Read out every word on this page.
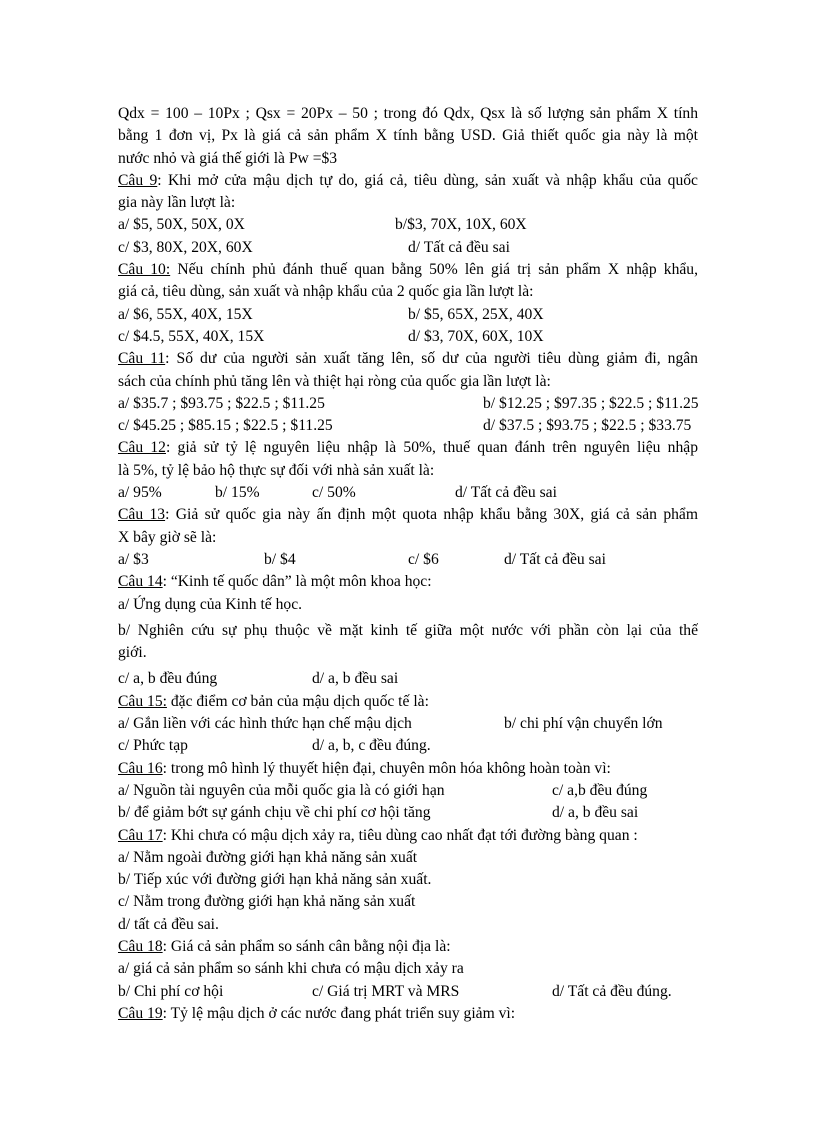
Qdx = 100 – 10Px ; Qsx = 20Px – 50 ; trong đó Qdx, Qsx là số lượng sản phẩm X tính
bằng 1 đơn vị, Px là giá cả sản phẩm X tính bằng USD. Giả thiết quốc gia này là một
nước nhỏ và giá thế giới là Pw =$3
Câu 9: Khi mở cửa mậu dịch tự do, giá cả, tiêu dùng, sản xuất và nhập khẩu của quốc
gia này lần lượt là:
a/ $5, 50X, 50X, 0X	b/$3, 70X, 10X, 60X
c/ $3, 80X, 20X, 60X	d/ Tất cả đều sai
Câu 10: Nếu chính phủ đánh thuế quan bằng 50% lên giá trị sản phẩm X nhập khẩu,
giá cả, tiêu dùng, sản xuất và nhập khẩu của 2 quốc gia lần lượt là:
a/ $6, 55X, 40X, 15X	b/ $5, 65X, 25X, 40X
c/ $4.5, 55X, 40X, 15X	d/ $3, 70X, 60X, 10X
Câu 11: Số dư của người sản xuất tăng lên, số dư của người tiêu dùng giảm đi, ngân
sách của chính phủ tăng lên và thiệt hại ròng của quốc gia lần lượt là:
a/ $35.7 ; $93.75 ; $22.5 ; $11.25	b/ $12.25 ; $97.35 ; $22.5 ; $11.25
c/ $45.25 ; $85.15 ; $22.5 ; $11.25	d/ $37.5 ; $93.75 ; $22.5 ; $33.75
Câu 12: giả sử tỷ lệ nguyên liệu nhập là 50%, thuế quan đánh trên nguyên liệu nhập
là 5%, tỷ lệ bảo hộ thực sự đối với nhà sản xuất là:
a/ 95%	b/ 15%	c/ 50%	d/ Tất cả đều sai
Câu 13: Giả sử quốc gia này ấn định một quota nhập khẩu bằng 30X, giá cả sản phẩm
X bây giờ sẽ là:
a/ $3	b/ $4	c/ $6	d/ Tất cả đều sai
Câu 14: “Kinh tế quốc dân” là một môn khoa học:
a/ Ứng dụng của Kinh tế học.
b/ Nghiên cứu sự phụ thuộc về mặt kinh tế giữa một nước với phần còn lại của thế
giới.
c/ a, b đều đúng	d/ a, b đều sai
Câu 15: đặc điểm cơ bản của mậu dịch quốc tế là:
a/ Gắn liền với các hình thức hạn chế mậu dịch	b/ chi phí vận chuyển lớn
c/ Phức tạp	d/ a, b, c đều đúng.
Câu 16: trong mô hình lý thuyết hiện đại, chuyên môn hóa không hoàn toàn vì:
a/ Nguồn tài nguyên của mỗi quốc gia là có giới hạn	c/ a,b đều đúng
b/ để giảm bớt sự gánh chịu về chi phí cơ hội tăng	d/ a, b đều sai
Câu 17: Khi chưa có mậu dịch xảy ra, tiêu dùng cao nhất đạt tới đường bàng quan :
a/ Nằm ngoài đường giới hạn khả năng sản xuất
b/ Tiếp xúc với đường giới hạn khả năng sản xuất.
c/ Nằm trong đường giới hạn khả năng sản xuất
d/ tất cả đều sai.
Câu 18: Giá cả sản phẩm so sánh cân bằng nội địa là:
a/ giá cả sản phẩm so sánh khi chưa có mậu dịch xảy ra
b/ Chi phí cơ hội	c/ Giá trị MRT và MRS	d/ Tất cả đều đúng.
Câu 19: Tỷ lệ mậu dịch ở các nước đang phát triển suy giảm vì:
